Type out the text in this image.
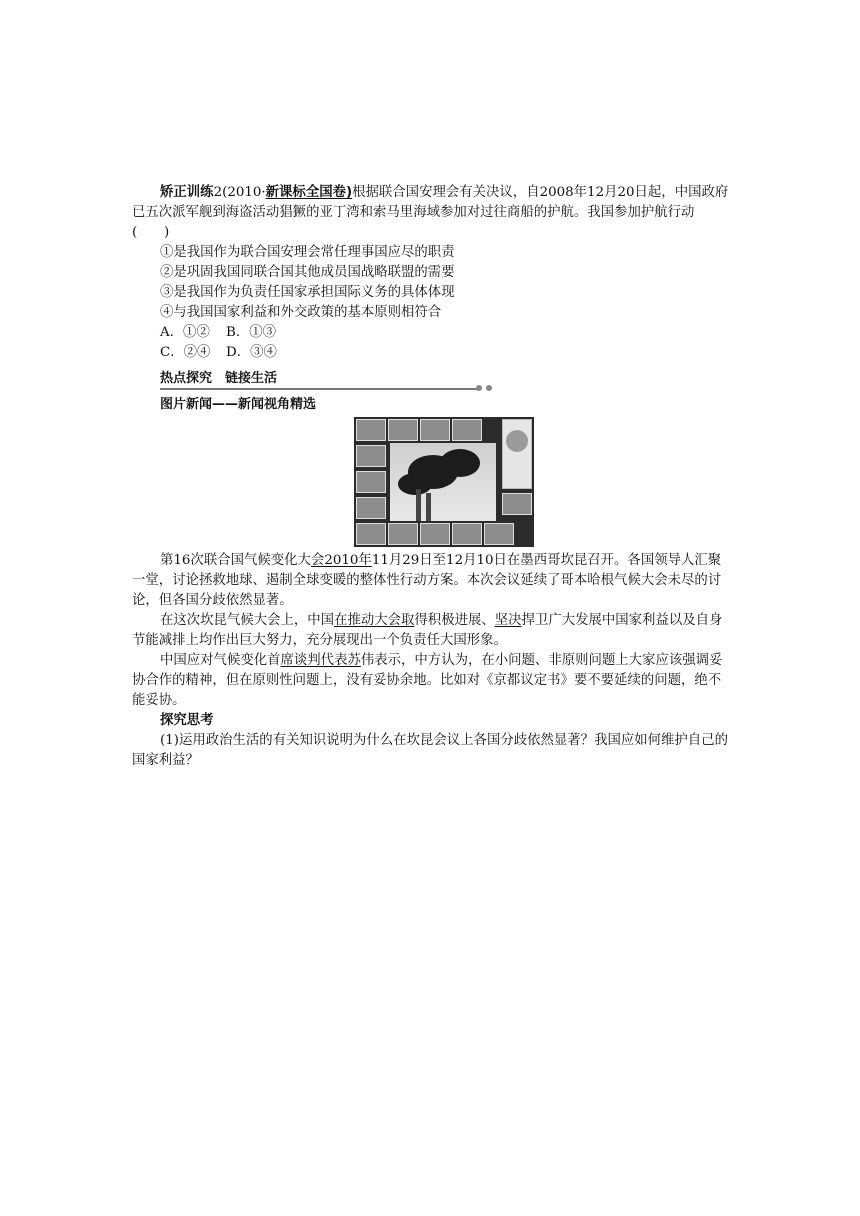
矫正训练2(2010·新课标全国卷)根据联合国安理会有关决议，自2008年12月20日起，中国政府已五次派军舰到海盗活动猖獗的亚丁湾和索马里海域参加对过往商船的护航。我国参加护航行动(　　)

①是我国作为联合国安理会常任理事国应尽的职责

②是巩固我国同联合国其他成员国战略联盟的需要

③是我国作为负责任国家承担国际义务的具体体现

④与我国国家利益和外交政策的基本原则相符合

A．①② B．①③

C．②④ D．③④

热点探究　链接生活

图片新闻——新闻视角精选

第16次联合国气候变化大会2010年11月29日至12月10日在墨西哥坎昆召开。各国领导人汇聚一堂，讨论拯救地球、遏制全球变暖的整体性行动方案。本次会议延续了哥本哈根气候大会未尽的讨论，但各国分歧依然显著。

在这次坎昆气候大会上，中国在推动大会取得积极进展、坚决捍卫广大发展中国家利益以及自身节能减排上均作出巨大努力，充分展现出一个负责任大国形象。

中国应对气候变化首席谈判代表苏伟表示，中方认为，在小问题、非原则问题上大家应该强调妥协合作的精神，但在原则性问题上，没有妥协余地。比如对《京都议定书》要不要延续的问题，绝不能妥协。

探究思考

(1)运用政治生活的有关知识说明为什么在坎昆会议上各国分歧依然显著？我国应如何维护自己的国家利益？
